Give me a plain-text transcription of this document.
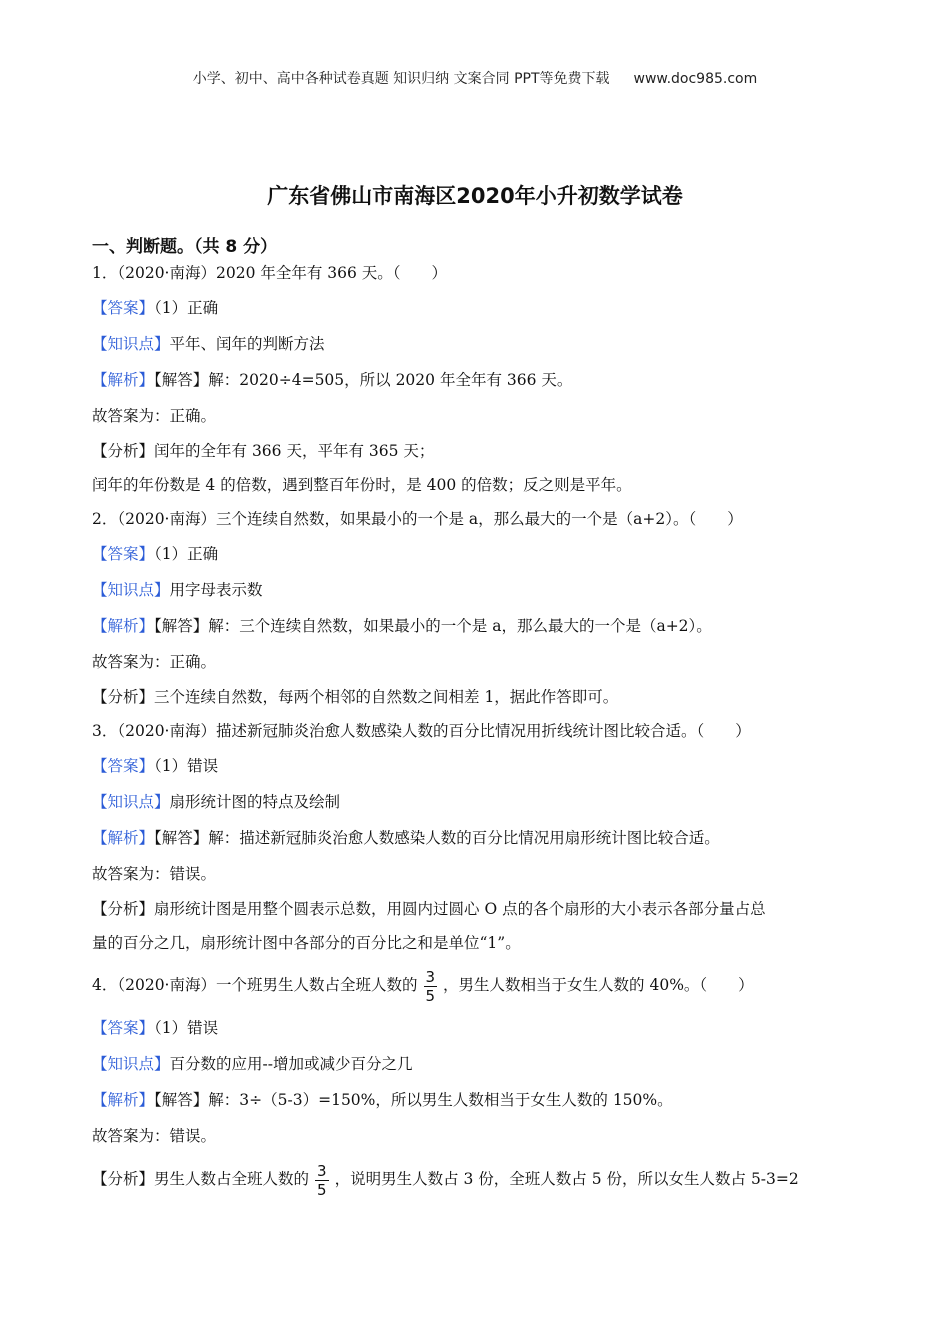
小学、初中、高中各种试卷真题 知识归纳 文案合同 PPT等免费下载 www.doc985.com
广东省佛山市南海区2020年小升初数学试卷
一、判断题。（共 8 分）
1．（2020·南海）2020 年全年有 366 天。（　　）
【答案】（1）正确
【知识点】平年、闰年的判断方法
【解析】【解答】解：2020÷4=505，所以 2020 年全年有 366 天。
故答案为：正确。
【分析】闰年的全年有 366 天，平年有 365 天；
闰年的年份数是 4 的倍数，遇到整百年份时，是 400 的倍数；反之则是平年。
2．（2020·南海）三个连续自然数，如果最小的一个是 a，那么最大的一个是（a+2）。（　　）
【答案】（1）正确
【知识点】用字母表示数
【解析】【解答】解：三个连续自然数，如果最小的一个是 a，那么最大的一个是（a+2）。
故答案为：正确。
【分析】三个连续自然数，每两个相邻的自然数之间相差 1，据此作答即可。
3．（2020·南海）描述新冠肺炎治愈人数感染人数的百分比情况用折线统计图比较合适。（　　）
【答案】（1）错误
【知识点】扇形统计图的特点及绘制
【解析】【解答】解：描述新冠肺炎治愈人数感染人数的百分比情况用扇形统计图比较合适。
故答案为：错误。
【分析】扇形统计图是用整个圆表示总数，用圆内过圆心 O 点的各个扇形的大小表示各部分量占总
量的百分之几，扇形统计图中各部分的百分比之和是单位“1”。
4．（2020·南海）一个班男生人数占全班人数的 $\frac{3}{5}$ ，男生人数相当于女生人数的 40%。（　　）
【答案】（1）错误
【知识点】百分数的应用--增加或减少百分之几
【解析】【解答】解：3÷（5-3）=150%，所以男生人数相当于女生人数的 150%。
故答案为：错误。
【分析】男生人数占全班人数的 $\frac{3}{5}$ ，说明男生人数占 3 份，全班人数占 5 份，所以女生人数占 5-3=2
